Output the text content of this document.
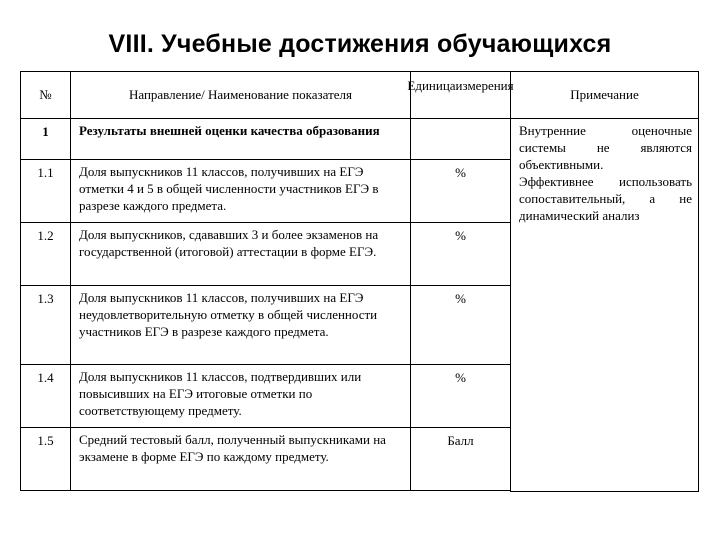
VIII. Учебные достижения обучающихся
№	Направление/ Наименование показателя	Единица измерения	Примечание

1	Результаты внешней оценки качества образования		Внутренние оценочные системы не являются объективными.
Эффективнее использовать сопоставительный, а не динамический анализ

1.1	Доля выпускников 11 классов, получивших на ЕГЭ отметки 4 и 5 в общей численности участников ЕГЭ в разрезе каждого предмета.	%	

1.2	Доля выпускников, сдававших 3 и более экзаменов на государственной (итоговой) аттестации в форме ЕГЭ.	%	

1.3	Доля выпускников 11 классов, получивших на ЕГЭ неудовлетворительную отметку в общей численности участников ЕГЭ в разрезе каждого предмета.	%	

1.4	Доля выпускников 11 классов, подтвердивших или повысивших на ЕГЭ итоговые отметки по соответствующему предмету.	%	

1.5	Средний тестовый балл, полученный выпускниками на экзамене в форме ЕГЭ по каждому предмету.	Балл	
